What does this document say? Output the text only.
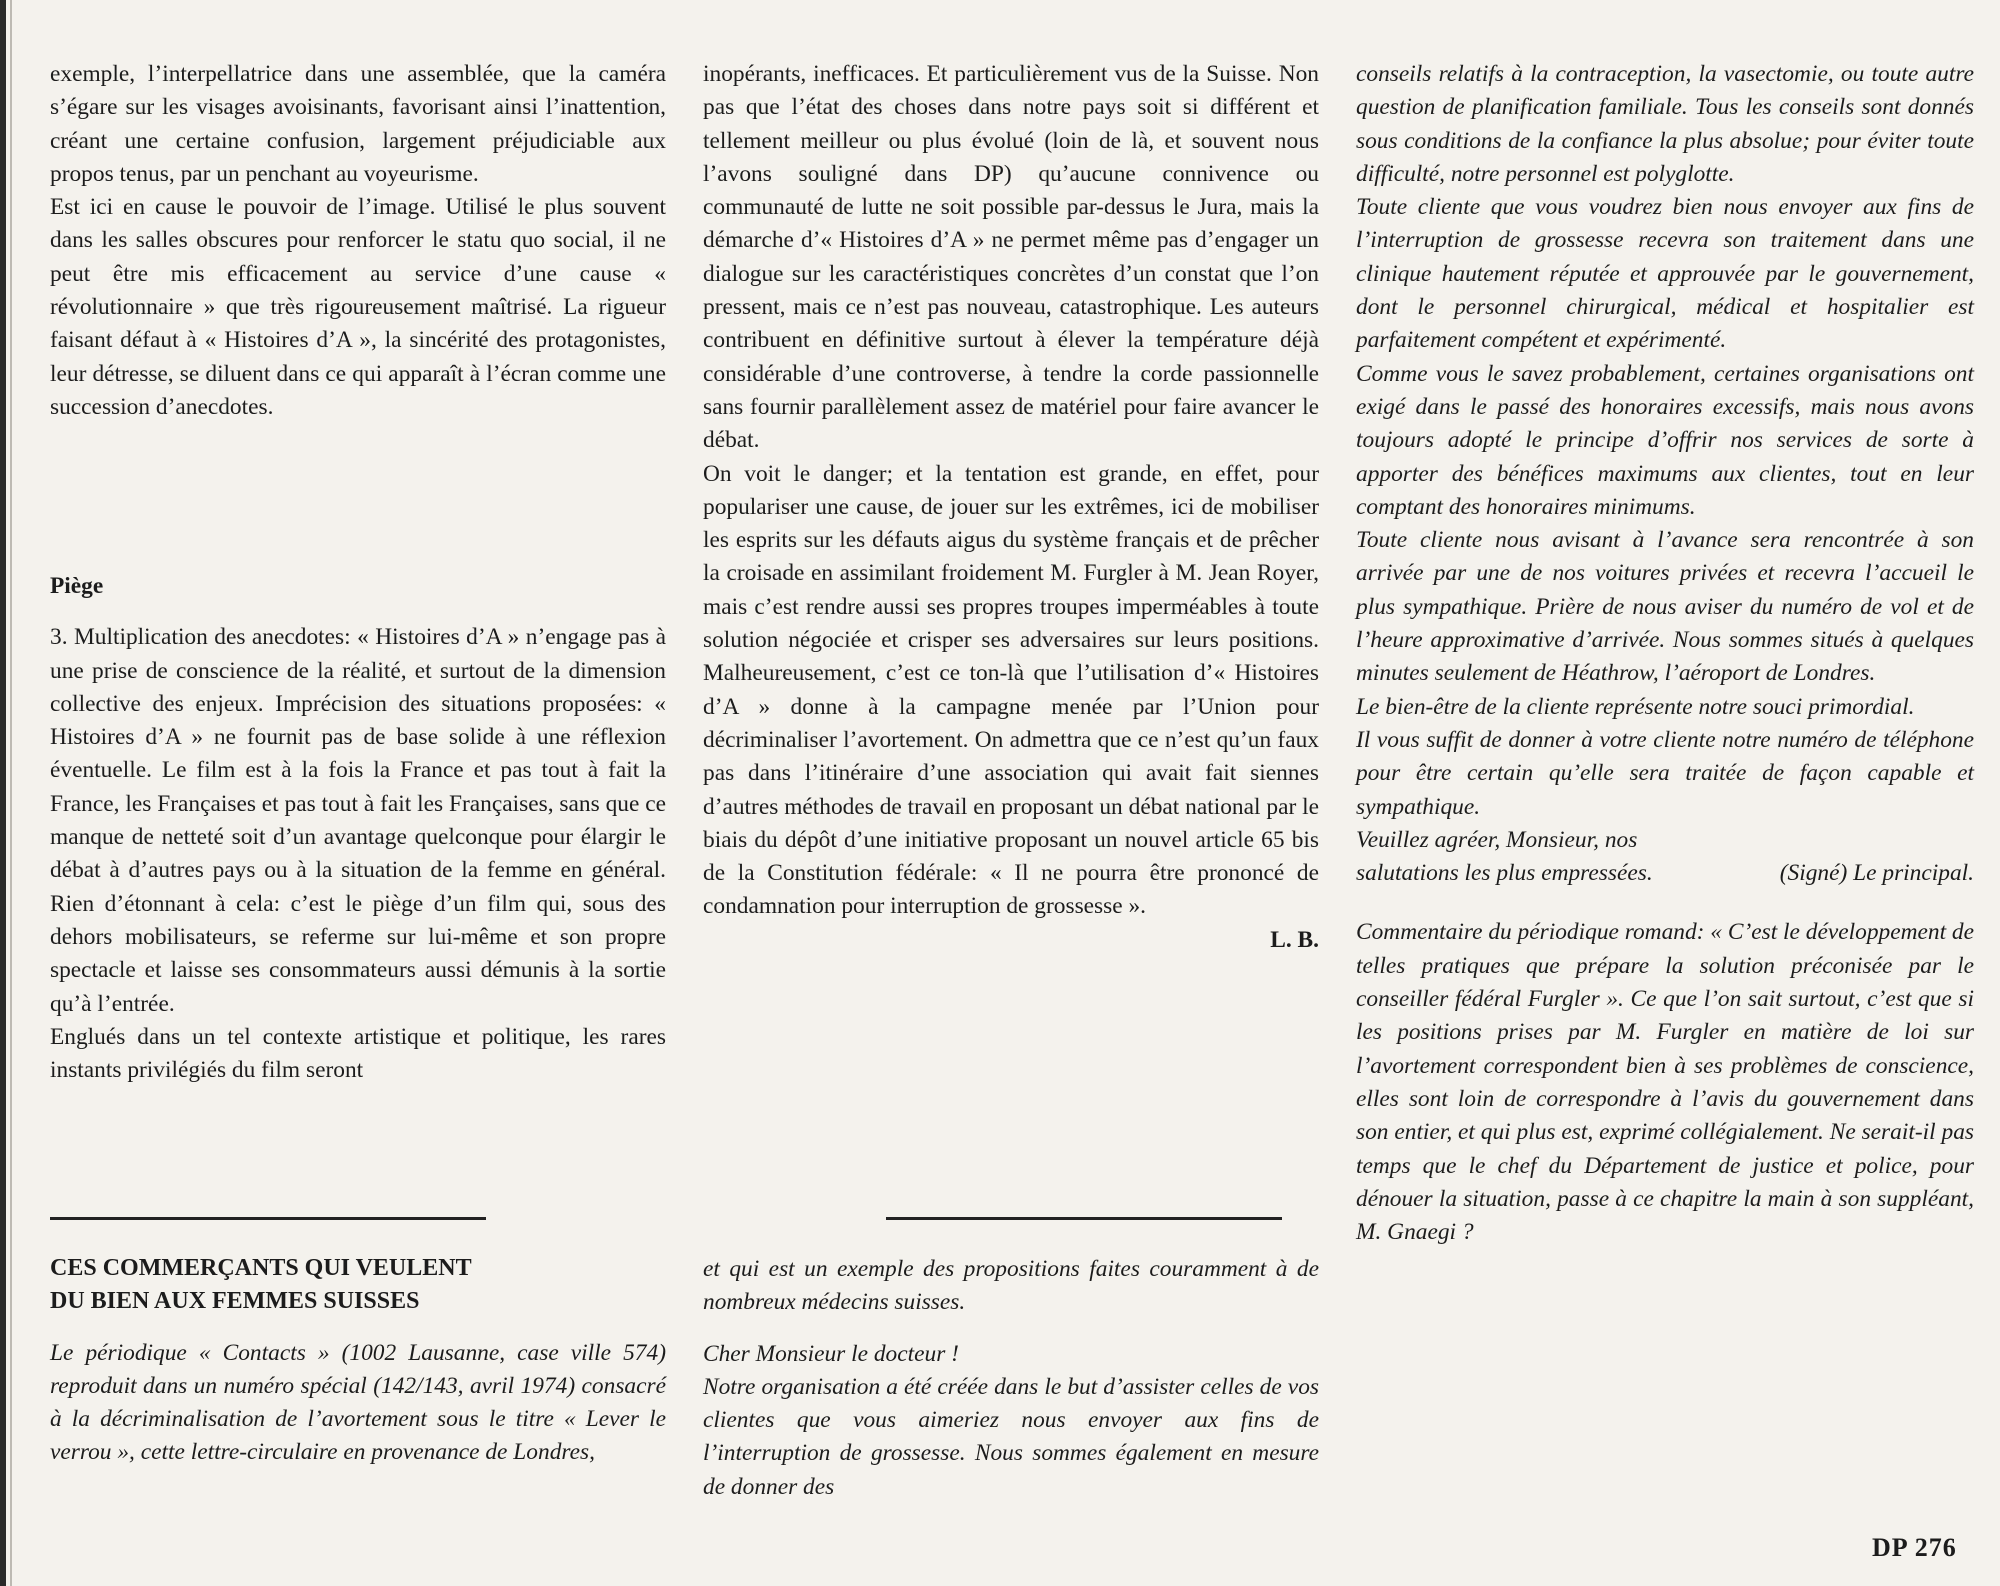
exemple, l’interpellatrice dans une assemblée, que la caméra s’égare sur les visages avoisinants, favorisant ainsi l’inattention, créant une certaine confusion, largement préjudiciable aux propos tenus, par un penchant au voyeurisme.

Est ici en cause le pouvoir de l’image. Utilisé le plus souvent dans les salles obscures pour renforcer le statu quo social, il ne peut être mis efficacement au service d’une cause « révolutionnaire » que très rigoureusement maîtrisé. La rigueur faisant défaut à « Histoires d’A », la sincérité des protagonistes, leur détresse, se diluent dans ce qui apparaît à l’écran comme une succession d’anecdotes.

Piège

3. Multiplication des anecdotes: « Histoires d’A » n’engage pas à une prise de conscience de la réalité, et surtout de la dimension collective des enjeux. Imprécision des situations proposées: « Histoires d’A » ne fournit pas de base solide à une réflexion éventuelle. Le film est à la fois la France et pas tout à fait la France, les Françaises et pas tout à fait les Françaises, sans que ce manque de netteté soit d’un avantage quelconque pour élargir le débat à d’autres pays ou à la situation de la femme en général. Rien d’étonnant à cela: c’est le piège d’un film qui, sous des dehors mobilisateurs, se referme sur lui-même et son propre spectacle et laisse ses consommateurs aussi démunis à la sortie qu’à l’entrée.

Englués dans un tel contexte artistique et politique, les rares instants privilégiés du film seront

inopérants, inefficaces. Et particulièrement vus de la Suisse. Non pas que l’état des choses dans notre pays soit si différent et tellement meilleur ou plus évolué (loin de là, et souvent nous l’avons souligné dans DP) qu’aucune connivence ou communauté de lutte ne soit possible par-dessus le Jura, mais la démarche d’« Histoires d’A » ne permet même pas d’engager un dialogue sur les caractéristiques concrètes d’un constat que l’on pressent, mais ce n’est pas nouveau, catastrophique. Les auteurs contribuent en définitive surtout à élever la température déjà considérable d’une controverse, à tendre la corde passionnelle sans fournir parallèlement assez de matériel pour faire avancer le débat.

On voit le danger; et la tentation est grande, en effet, pour populariser une cause, de jouer sur les extrêmes, ici de mobiliser les esprits sur les défauts aigus du système français et de prêcher la croisade en assimilant froidement M. Furgler à M. Jean Royer, mais c’est rendre aussi ses propres troupes imperméables à toute solution négociée et crisper ses adversaires sur leurs positions. Malheureusement, c’est ce ton-là que l’utilisation d’« Histoires d’A » donne à la campagne menée par l’Union pour décriminaliser l’avortement. On admettra que ce n’est qu’un faux pas dans l’itinéraire d’une association qui avait fait siennes d’autres méthodes de travail en proposant un débat national par le biais du dépôt d’une initiative proposant un nouvel article 65 bis de la Constitution fédérale: « Il ne pourra être prononcé de condamnation pour interruption de grossesse ».

L. B.

conseils relatifs à la contraception, la vasectomie, ou toute autre question de planification familiale. Tous les conseils sont donnés sous conditions de la confiance la plus absolue; pour éviter toute difficulté, notre personnel est polyglotte.

Toute cliente que vous voudrez bien nous envoyer aux fins de l’interruption de grossesse recevra son traitement dans une clinique hautement réputée et approuvée par le gouvernement, dont le personnel chirurgical, médical et hospitalier est parfaitement compétent et expérimenté.

Comme vous le savez probablement, certaines organisations ont exigé dans le passé des honoraires excessifs, mais nous avons toujours adopté le principe d’offrir nos services de sorte à apporter des bénéfices maximums aux clientes, tout en leur comptant des honoraires minimums.

Toute cliente nous avisant à l’avance sera rencontrée à son arrivée par une de nos voitures privées et recevra l’accueil le plus sympathique. Prière de nous aviser du numéro de vol et de l’heure approximative d’arrivée. Nous sommes situés à quelques minutes seulement de Héathrow, l’aéroport de Londres.

Le bien-être de la cliente représente notre souci primordial.

Il vous suffit de donner à votre cliente notre numéro de téléphone pour être certain qu’elle sera traitée de façon capable et sympathique.

Veuillez agréer, Monsieur, nos salutations les plus empressées.	(Signé) Le principal.

Commentaire du périodique romand: « C’est le développement de telles pratiques que prépare la solution préconisée par le conseiller fédéral Furgler ». Ce que l’on sait surtout, c’est que si les positions prises par M. Furgler en matière de loi sur l’avortement correspondent bien à ses problèmes de conscience, elles sont loin de correspondre à l’avis du gouvernement dans son entier, et qui plus est, exprimé collégialement. Ne serait-il pas temps que le chef du Département de justice et police, pour dénouer la situation, passe à ce chapitre la main à son suppléant, M. Gnaegi ?

CES COMMERÇANTS QUI VEULENT

DU BIEN AUX FEMMES SUISSES

Le périodique « Contacts » (1002 Lausanne, case ville 574) reproduit dans un numéro spécial (142/143, avril 1974) consacré à la décriminalisation de l’avortement sous le titre « Lever le verrou », cette lettre-circulaire en provenance de Londres,

et qui est un exemple des propositions faites couramment à de nombreux médecins suisses.

Cher Monsieur le docteur !

Notre organisation a été créée dans le but d’assister celles de vos clientes que vous aimeriez nous envoyer aux fins de l’interruption de grossesse. Nous sommes également en mesure de donner des

DP 276
